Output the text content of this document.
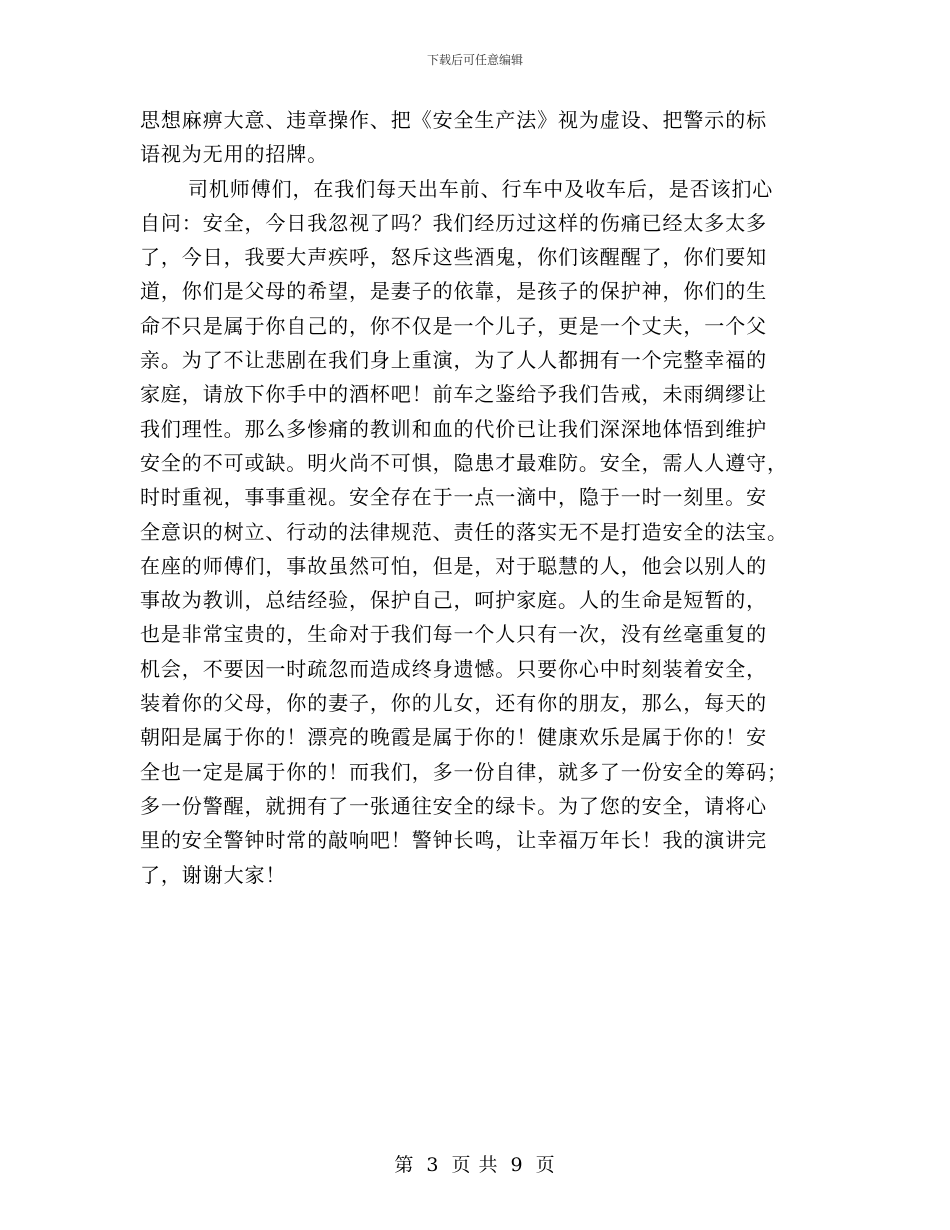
下载后可任意编辑
思想麻痹大意、违章操作、把《安全生产法》视为虚设、把警示的标
语视为无用的招牌。
司机师傅们，在我们每天出车前、行车中及收车后，是否该扪心
自问：安全，今日我忽视了吗？我们经历过这样的伤痛已经太多太多
了，今日，我要大声疾呼，怒斥这些酒鬼，你们该醒醒了，你们要知
道，你们是父母的希望，是妻子的依靠，是孩子的保护神，你们的生
命不只是属于你自己的，你不仅是一个儿子，更是一个丈夫，一个父
亲。为了不让悲剧在我们身上重演，为了人人都拥有一个完整幸福的
家庭，请放下你手中的酒杯吧！前车之鉴给予我们告戒，未雨绸缪让
我们理性。那么多惨痛的教训和血的代价已让我们深深地体悟到维护
安全的不可或缺。明火尚不可惧，隐患才最难防。安全，需人人遵守，
时时重视，事事重视。安全存在于一点一滴中，隐于一时一刻里。安
全意识的树立、行动的法律规范、责任的落实无不是打造安全的法宝。
在座的师傅们，事故虽然可怕，但是，对于聪慧的人，他会以别人的
事故为教训，总结经验，保护自己，呵护家庭。人的生命是短暂的，
也是非常宝贵的，生命对于我们每一个人只有一次，没有丝毫重复的
机会，不要因一时疏忽而造成终身遗憾。只要你心中时刻装着安全，
装着你的父母，你的妻子，你的儿女，还有你的朋友，那么，每天的
朝阳是属于你的！漂亮的晚霞是属于你的！健康欢乐是属于你的！安
全也一定是属于你的！而我们，多一份自律，就多了一份安全的筹码；
多一份警醒，就拥有了一张通往安全的绿卡。为了您的安全，请将心
里的安全警钟时常的敲响吧！警钟长鸣，让幸福万年长！我的演讲完
了，谢谢大家！
第 3 页 共 9 页
